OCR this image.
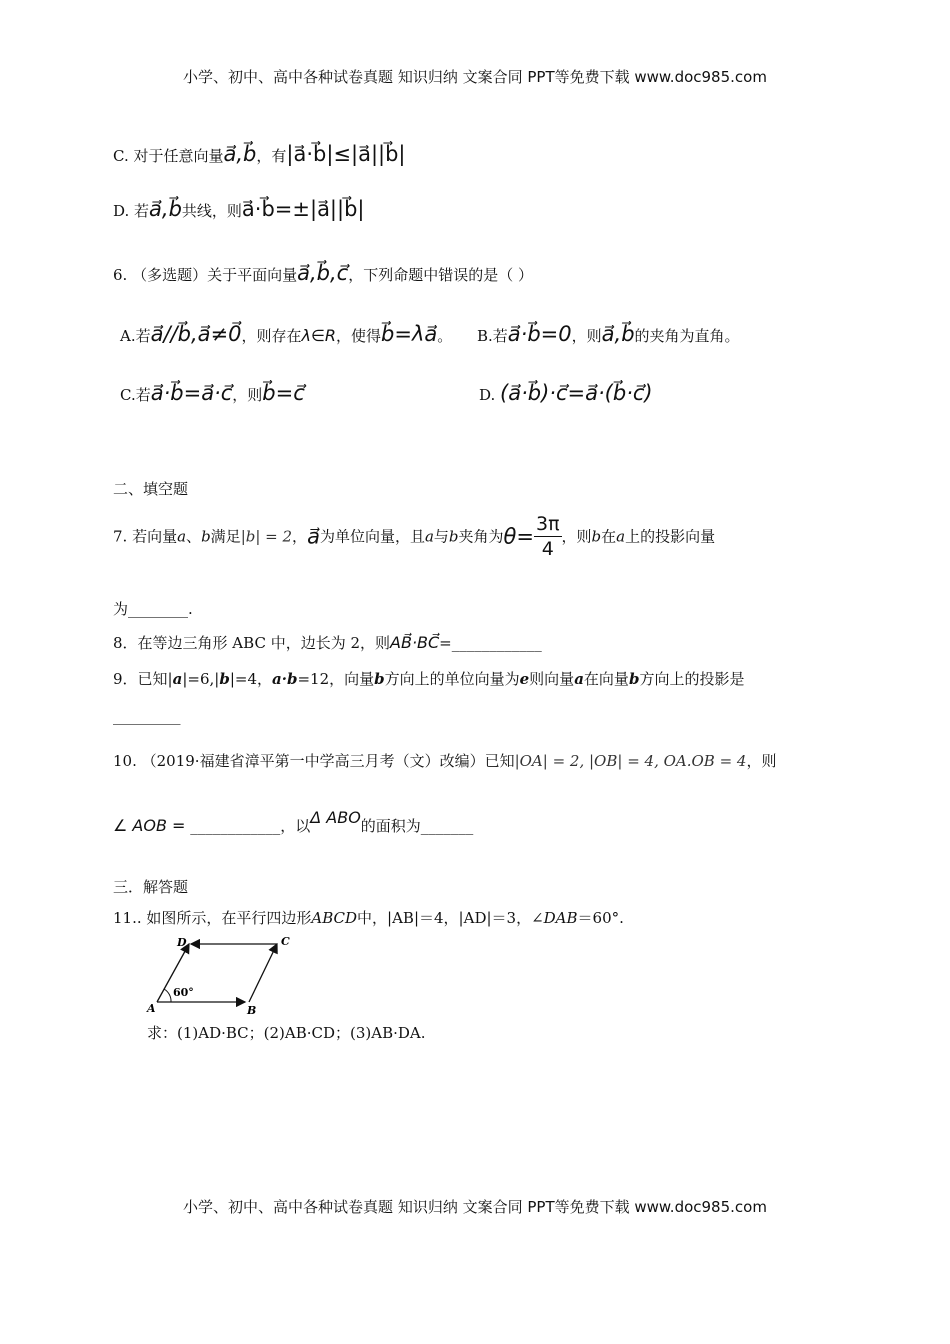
小学、初中、高中各种试卷真题 知识归纳 文案合同 PPT等免费下载 www.doc985.com
C. 对于任意向量a⃗,b⃗，有|a⃗·b⃗|≤|a⃗||b⃗|
D. 若a⃗,b⃗共线，则a⃗·b⃗=±|a⃗||b⃗|
6. （多选题）关于平面向量a⃗,b⃗,c⃗，下列命题中错误的是（ ）
A.若a⃗//b⃗,a⃗≠0⃗，则存在λ∈R，使得b⃗=λa⃗。 B.若a⃗·b⃗=0，则a⃗,b⃗的夹角为直角。
C.若a⃗·b⃗=a⃗·c⃗，则b⃗=c⃗	D. (a⃗·b⃗)·c⃗=a⃗·(b⃗·c⃗)
二、填空题
7. 若向量a、b满足|b| = 2，a⃗为单位向量，且a与b夹角为$\theta= \frac{3\pi}{4}$ ，则b在a上的投影向量
为________.
8．在等边三角形 ABC 中，边长为 2，则AB⃗·BC⃗=____________
9．已知|a|=6,|b|=4，a·b=12，向量b方向上的单位向量为e则向量a在向量b方向上的投影是
_________
10. （2019·福建省漳平第一中学高三月考（文）改编）已知|OA| = 2, |OB| = 4, OA.OB = 4，则
∠ AOB = ____________，以Δ ABO的面积为_______
三．解答题
11.. 如图所示，在平行四边形ABCD中，|AB|＝4，|AD|＝3，∠DAB＝60°.
60°
A	B
C
D
求：(1)AD·BC；(2)AB·CD；(3)AB·DA.
小学、初中、高中各种试卷真题 知识归纳 文案合同 PPT等免费下载 www.doc985.com
